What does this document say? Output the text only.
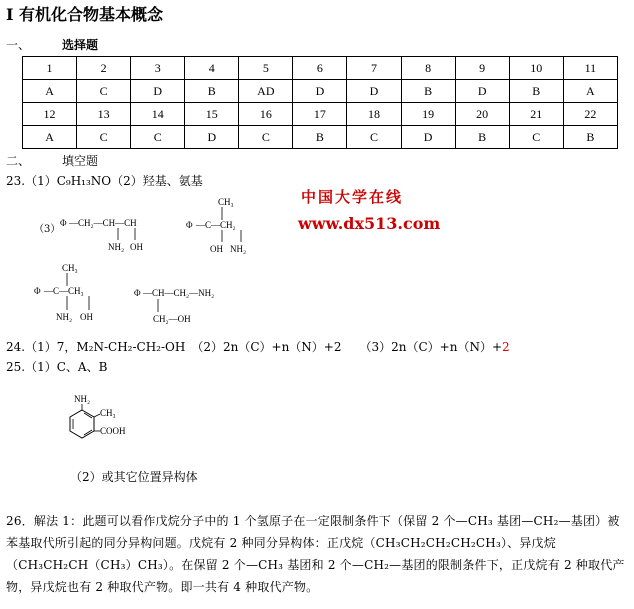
I 有机化合物基本概念
一、	选择题
1	2	3	4	5	6	7	8	9	10	11
A	C	D	B	AD	D	D	B	D	B	A
12	13	14	15	16	17	18	19	20	21	22
A	C	C	D	C	B	C	D	B	C	B
二、	填空题
23.（1）C₉H₁₃NO（2）羟基、氨基
（3）
中国大学在线
www.dx513.com
Φ —CH₂—CH—CH
NH₂ OH
CH₃
Φ —C—CH₂
OH NH₂
CH₃
Φ —C—CH₃
NH₂ OH
Φ —CH—CH₂—NH₂
CH₂—OH
24.（1）7，M₂N-CH₂-CH₂-OH　（2）2n（C）+n（N）+2　　（3）2n（C）+n（N）+2
25.（1）C、A、B
NH₂
CH₃
COOH
（2）或其它位置异构体
26．解法 1：此题可以看作戊烷分子中的 1 个氢原子在一定限制条件下（保留 2 个—CH₃ 基团—CH₂—基团）被苯基取代所引起的同分异构问题。戊烷有 2 种同分异构体：正戊烷（CH₃CH₂CH₂CH₂CH₃）、异戊烷（CH₃CH₂CH（CH₃）CH₃）。在保留 2 个—CH₃ 基团和 2 个—CH₂—基团的限制条件下，正戊烷有 2 种取代产物，异戊烷也有 2 种取代产物。即一共有 4 种取代产物。
